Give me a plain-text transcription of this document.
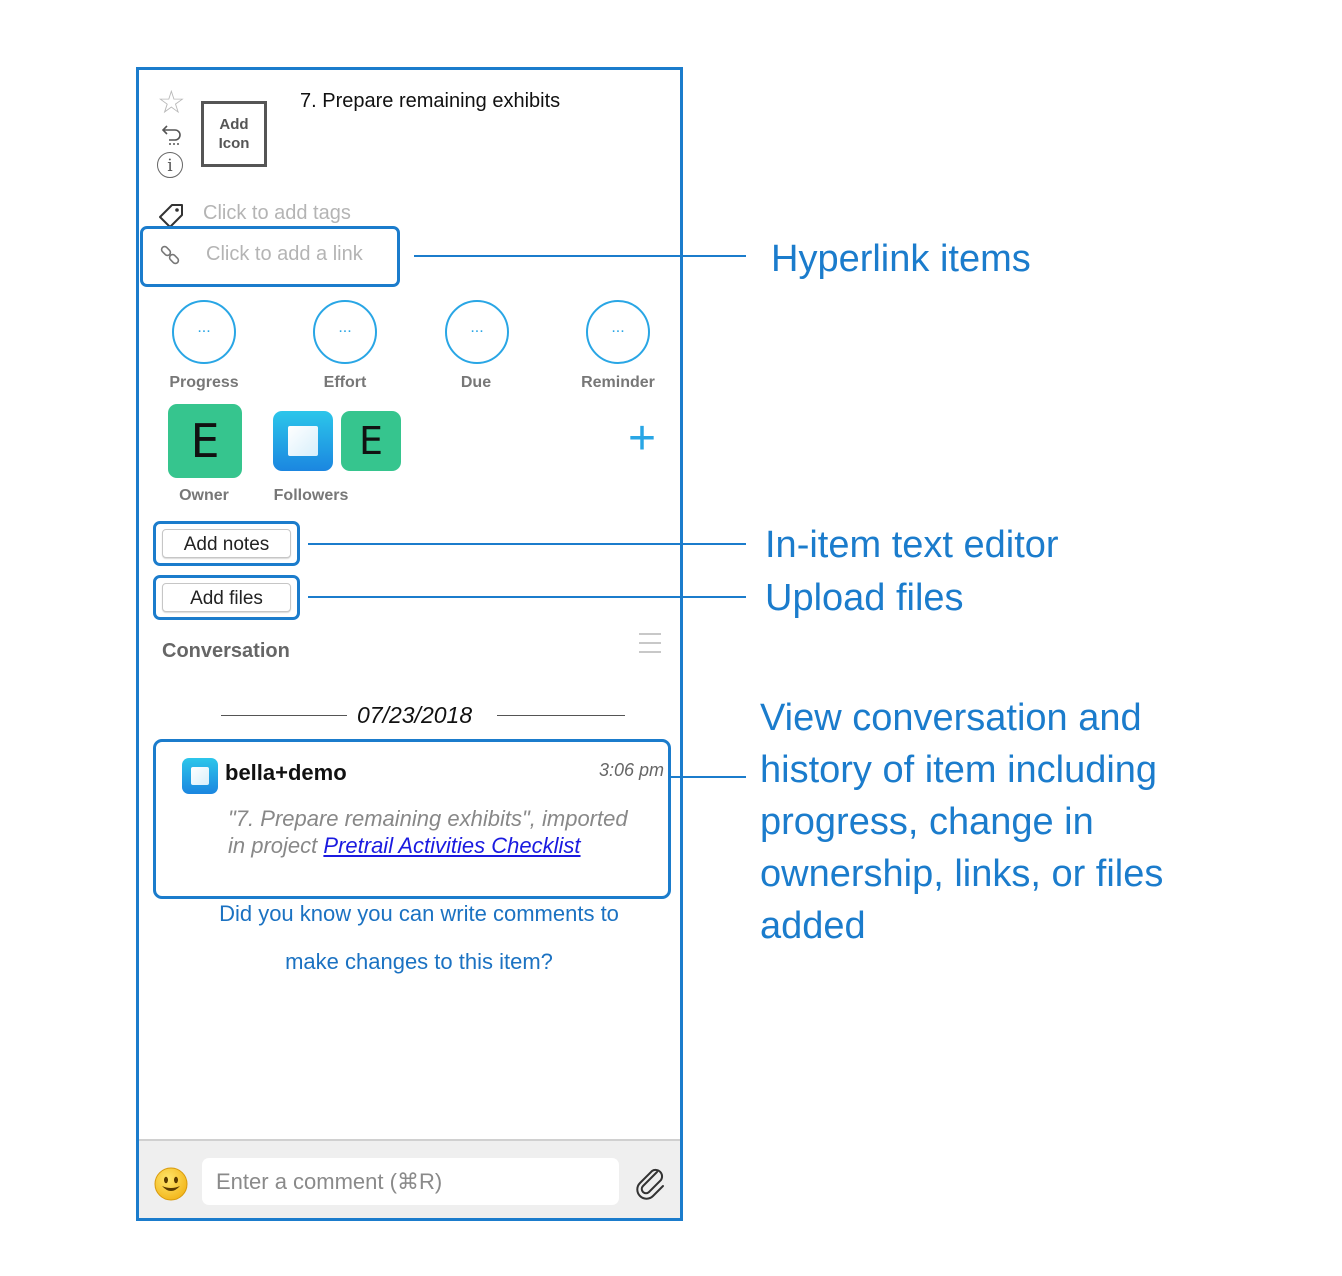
☆
i
Add
Icon
7. Prepare remaining exhibits
Click to add tags
Click to add a link
...
Progress
...
Effort
...
Due
...
Reminder
E
Owner
E
Followers
+
Add notes
Add files
Conversation
07/23/2018
bella+demo	3:06 pm
"7. Prepare remaining exhibits", imported in project Pretrail Activities Checklist
Did you know you can write comments to
make changes to this item?
Enter a comment (⌘R)
Hyperlink items
In-item text editor
Upload files
View conversation and
history of item including
progress, change in
ownership, links, or files
added
